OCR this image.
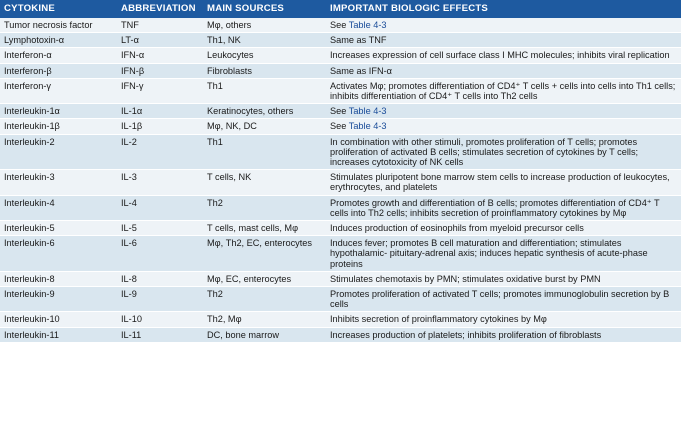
CYTOKINE	ABBREVIATION	MAIN SOURCES	IMPORTANT BIOLOGIC EFFECTS
Tumor necrosis factor	TNF	Mφ, others	See Table 4-3
Lymphotoxin-α	LT-α	Th1, NK	Same as TNF
Interferon-α	IFN-α	Leukocytes	Increases expression of cell surface class I MHC molecules; inhibits viral replication
Interferon-β	IFN-β	Fibroblasts	Same as IFN-α
Interferon-γ	IFN-γ	Th1	Activates Mφ; promotes differentiation of CD4⁺ T cells + cells into cells into Th1 cells; inhibits differentiation of CD4⁺ T cells into Th2 cells
Interleukin-1α	IL-1α	Keratinocytes, others	See Table 4-3
Interleukin-1β	IL-1β	Mφ, NK, DC	See Table 4-3
Interleukin-2	IL-2	Th1	In combination with other stimuli, promotes proliferation of T cells; promotes proliferation of activated B cells; stimulates secretion of cytokines by T cells; increases cytotoxicity of NK cells
Interleukin-3	IL-3	T cells, NK	Stimulates pluripotent bone marrow stem cells to increase production of leukocytes, erythrocytes, and platelets
Interleukin-4	IL-4	Th2	Promotes growth and differentiation of B cells; promotes differentiation of CD4⁺ T cells into Th2 cells; inhibits secretion of proinflammatory cytokines by Mφ
Interleukin-5	IL-5	T cells, mast cells, Mφ	Induces production of eosinophils from myeloid precursor cells
Interleukin-6	IL-6	Mφ, Th2, EC, enterocytes	Induces fever; promotes B cell maturation and differentiation; stimulates hypothalamic- pituitary-adrenal axis; induces hepatic synthesis of acute-phase proteins
Interleukin-8	IL-8	Mφ, EC, enterocytes	Stimulates chemotaxis by PMN; stimulates oxidative burst by PMN
Interleukin-9	IL-9	Th2	Promotes proliferation of activated T cells; promotes immunoglobulin secretion by B cells
Interleukin-10	IL-10	Th2, Mφ	Inhibits secretion of proinflammatory cytokines by Mφ
Interleukin-11	IL-11	DC, bone marrow	Increases production of platelets; inhibits proliferation of fibroblasts
